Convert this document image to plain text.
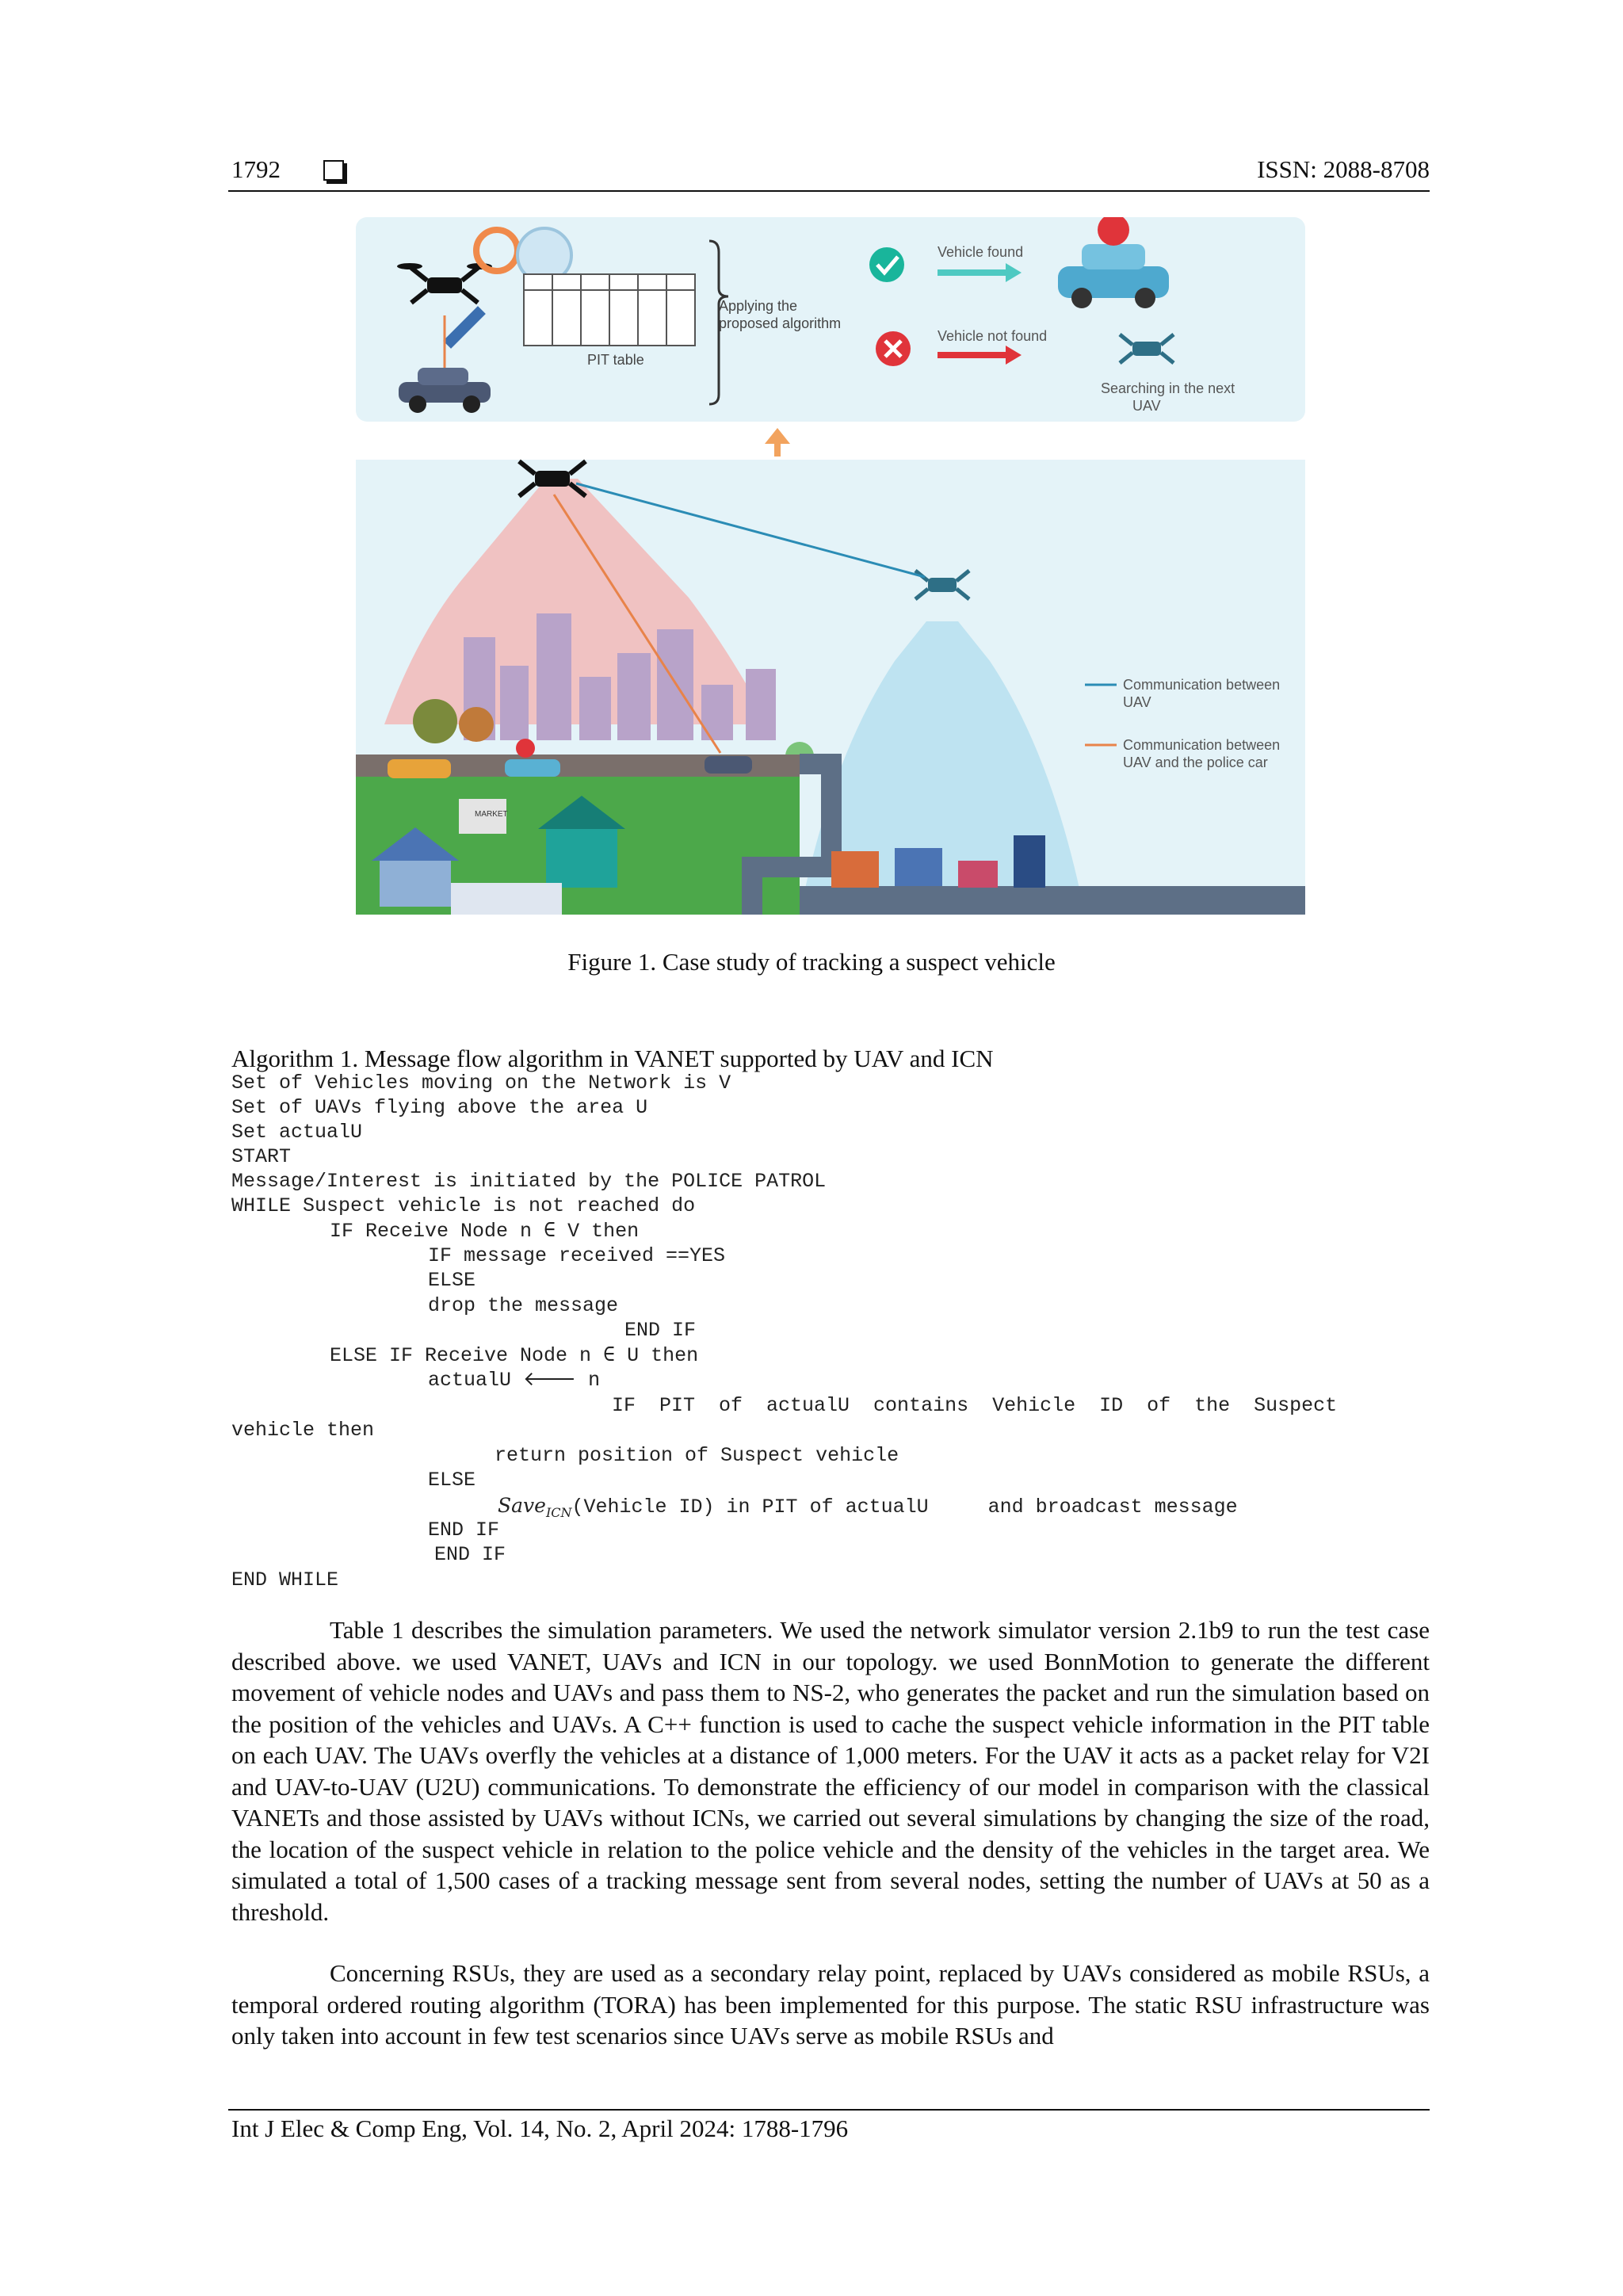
1792	ISSN: 2088-8708
PIT table
Applying the
proposed algorithm
Vehicle found
Vehicle not found
Searching in the next
UAV
MARKET
Communication between
UAV
Communication between
UAV and the police car
Figure 1. Case study of tracking a suspect vehicle
Algorithm 1. Message flow algorithm in VANET supported by UAV and ICN
Set of Vehicles moving on the Network is V
Set of UAVs flying above the area U
Set actualU
START
Message/Interest is initiated by the POLICE PATROL
WHILE Suspect vehicle is not reached do
IF Receive Node n ∈ V then
IF message received ==YES
ELSE
drop the message
END IF
ELSE IF Receive Node n ∈ U then
actualU 🡐 n
IF  PIT  of  actualU  contains  Vehicle  ID  of  the  Suspect
vehicle then
return position of Suspect vehicle
ELSE
Save$_{ICN}$(Vehicle ID) in PIT of actualU     and broadcast message
END IF
END IF
END WHILE
Table 1 describes the simulation parameters. We used the network simulator version 2.1b9 to run the test case described above. we used VANET, UAVs and ICN in our topology. we used BonnMotion to generate the different movement of vehicle nodes and UAVs and pass them to NS-2, who generates the packet and run the simulation based on the position of the vehicles and UAVs. A C++ function is used to cache the suspect vehicle information in the PIT table on each UAV. The UAVs overfly the vehicles at a distance of 1,000 meters. For the UAV it acts as a packet relay for V2I and UAV-to-UAV (U2U) communications. To demonstrate the efficiency of our model in comparison with the classical VANETs and those assisted by UAVs without ICNs, we carried out several simulations by changing the size of the road, the location of the suspect vehicle in relation to the police vehicle and the density of the vehicles in the target area. We simulated a total of 1,500 cases of a tracking message sent from several nodes, setting the number of UAVs at 50 as a threshold.
Concerning RSUs, they are used as a secondary relay point, replaced by UAVs considered as mobile RSUs, a temporal ordered routing algorithm (TORA) has been implemented for this purpose. The static RSU infrastructure was only taken into account in few test scenarios since UAVs serve as mobile RSUs and
Int J Elec & Comp Eng, Vol. 14, No. 2, April 2024: 1788-1796
